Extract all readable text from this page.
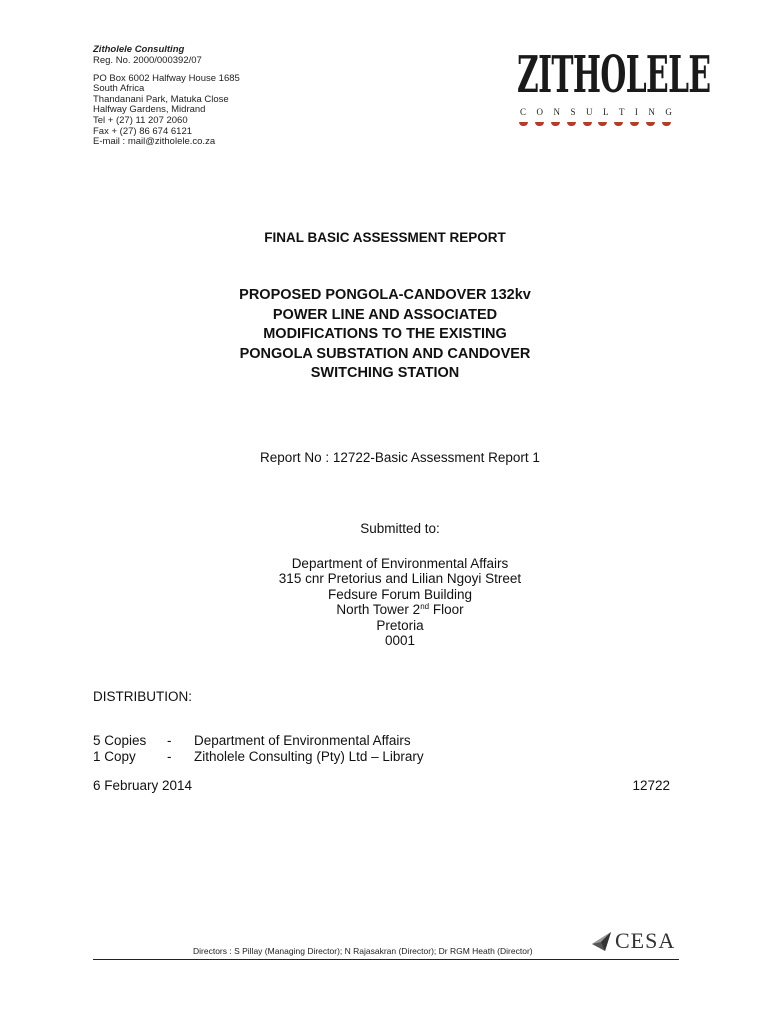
Zitholele Consulting
Reg. No. 2000/000392/07
PO Box 6002 Halfway House 1685
South Africa
Thandanani Park, Matuka Close
Halfway Gardens, Midrand
Tel + (27) 11 207 2060
Fax + (27) 86 674 6121
E-mail : mail@zitholele.co.za
ZITHOLELE
C O N S U L T I N G
FINAL BASIC ASSESSMENT REPORT
PROPOSED PONGOLA-CANDOVER 132kv
POWER LINE AND ASSOCIATED
MODIFICATIONS TO THE EXISTING
PONGOLA SUBSTATION AND CANDOVER
SWITCHING STATION
Report No : 12722-Basic Assessment Report 1
Submitted to:
Department of Environmental Affairs
315 cnr Pretorius and Lilian Ngoyi Street
Fedsure Forum Building
North Tower 2nd Floor
Pretoria
0001
DISTRIBUTION:
5 Copies - Department of Environmental Affairs
1 Copy - Zitholele Consulting (Pty) Ltd – Library
6 February 2014	12722
Directors : S Pillay (Managing Director); N Rajasakran (Director); Dr RGM Heath (Director)	CESA
